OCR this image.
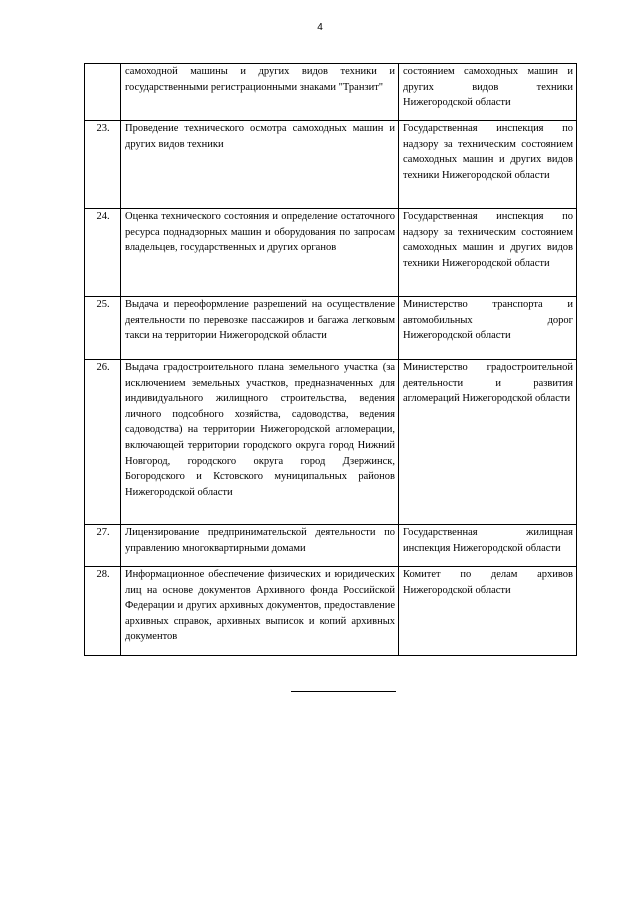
4
	самоходной машины и других видов техники и государственными регистрационными знаками "Транзит"	состоянием самоходных машин и других видов техники Нижегородской области
23.	Проведение технического осмотра самоходных машин и других видов техники	Государственная инспекция по надзору за техническим состоянием самоходных машин и других видов техники Нижегородской области
24.	Оценка технического состояния и определение остаточного ресурса поднадзорных машин и оборудования по запросам владельцев, государственных и других органов	Государственная инспекция по надзору за техническим состоянием самоходных машин и других видов техники Нижегородской области
25.	Выдача и переоформление разрешений на осуществление деятельности по перевозке пассажиров и багажа легковым такси на территории Нижегородской области	Министерство транспорта и автомобильных дорог Нижегородской области
26.	Выдача градостроительного плана земельного участка (за исключением земельных участков, предназначенных для индивидуального жилищного строительства, ведения личного подсобного хозяйства, садоводства, ведения садоводства) на территории Нижегородской агломерации, включающей территории городского округа город Нижний Новгород, городского округа город Дзержинск, Богородского и Кстовского муниципальных районов Нижегородской области	Министерство градостроительной деятельности и развития агломераций Нижегородской области
27.	Лицензирование предпринимательской деятельности по управлению многоквартирными домами	Государственная жилищная инспекция Нижегородской области
28.	Информационное обеспечение физических и юридических лиц на основе документов Архивного фонда Российской Федерации и других архивных документов, предоставление архивных справок, архивных выписок и копий архивных документов	Комитет по делам архивов Нижегородской области
